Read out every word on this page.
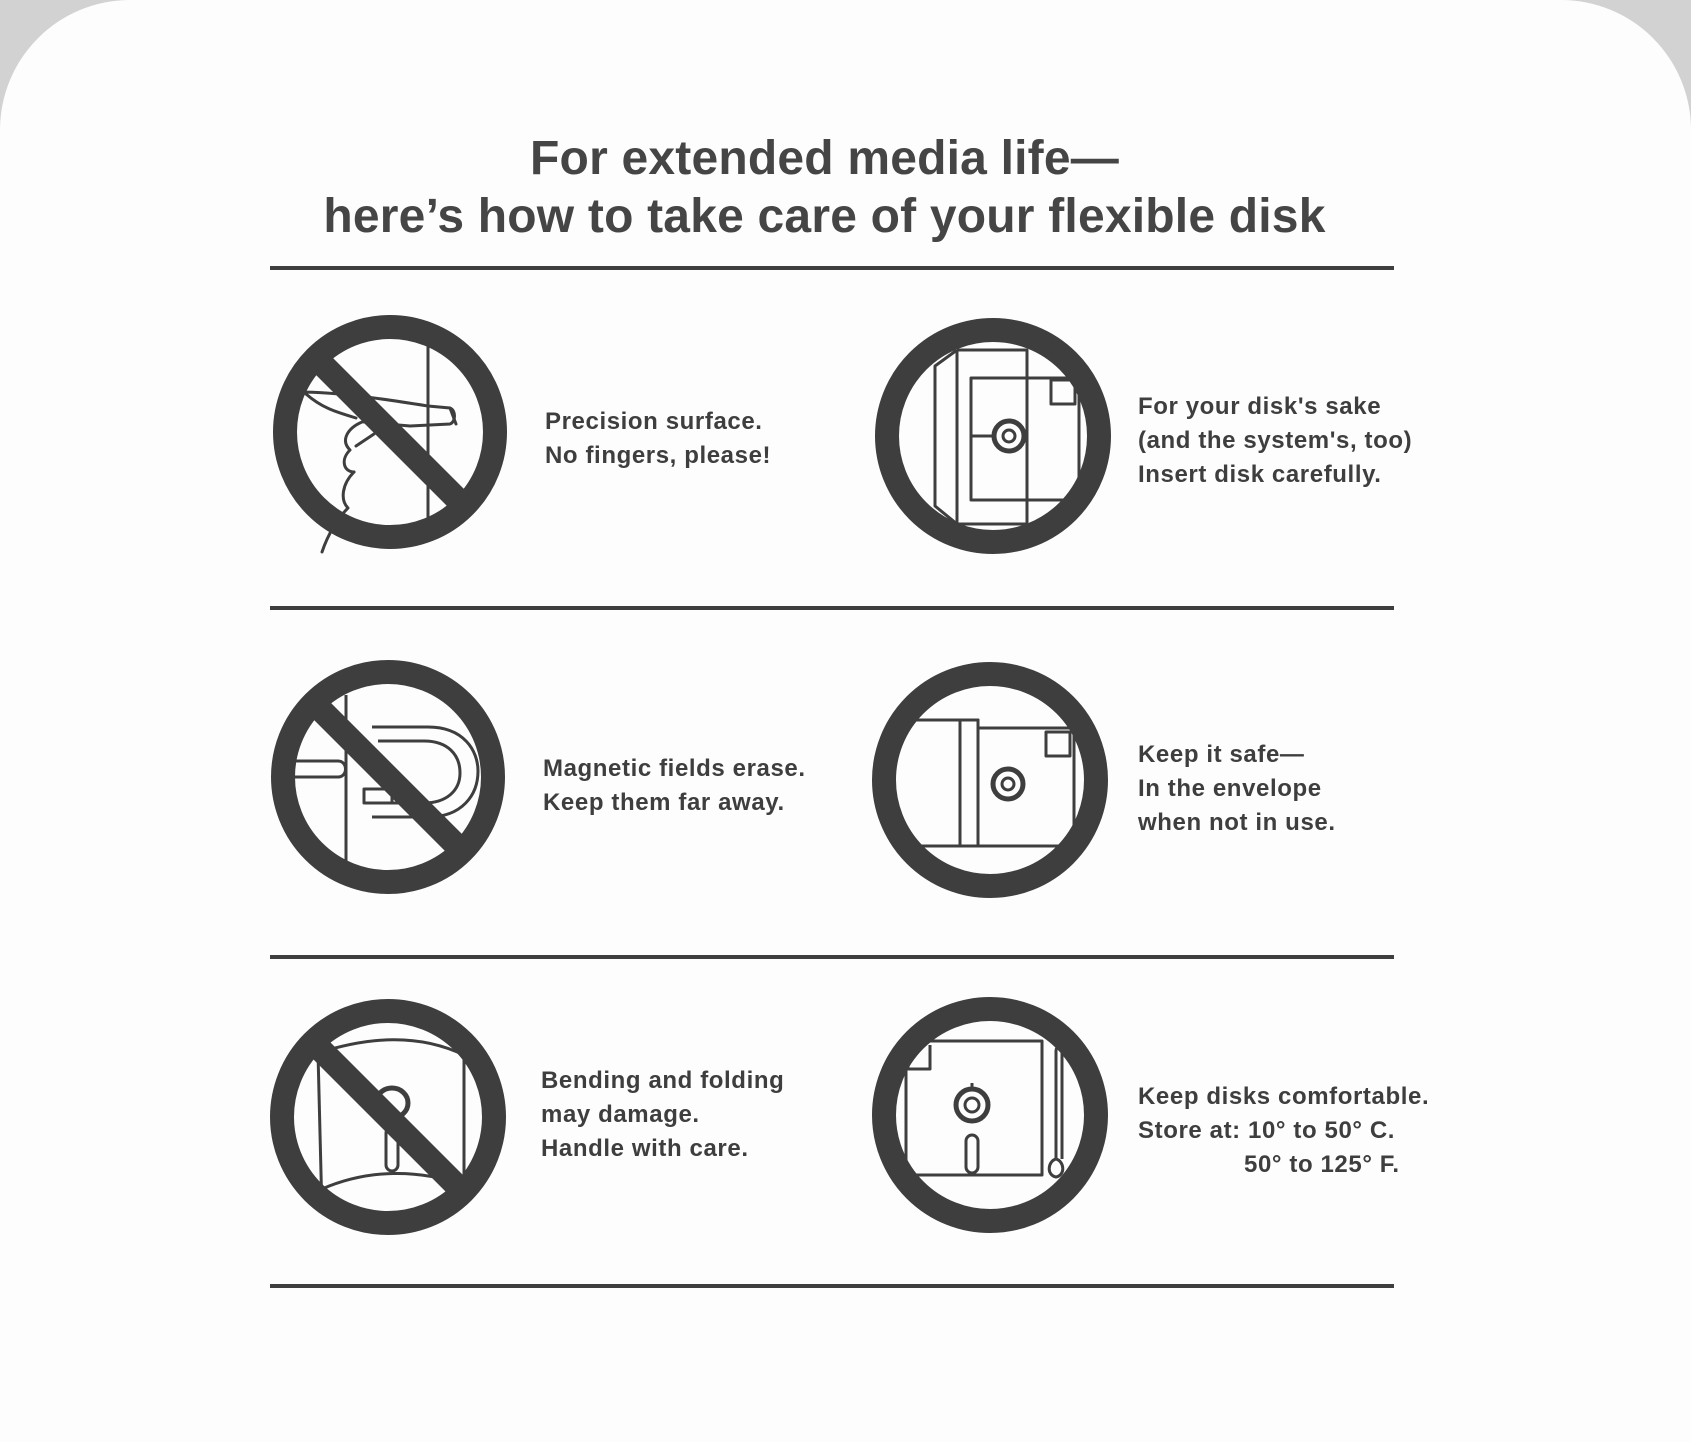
For extended media life—
here’s how to take care of your flexible disk
Precision surface.
No fingers, please!
For your disk's sake
(and the system's, too)
Insert disk carefully.
Magnetic fields erase.
Keep them far away.
Keep it safe—
In the envelope
when not in use.
Bending and folding
may damage.
Handle with care.
Keep disks comfortable.
Store at: 10° to 50° C.
50° to 125° F.
